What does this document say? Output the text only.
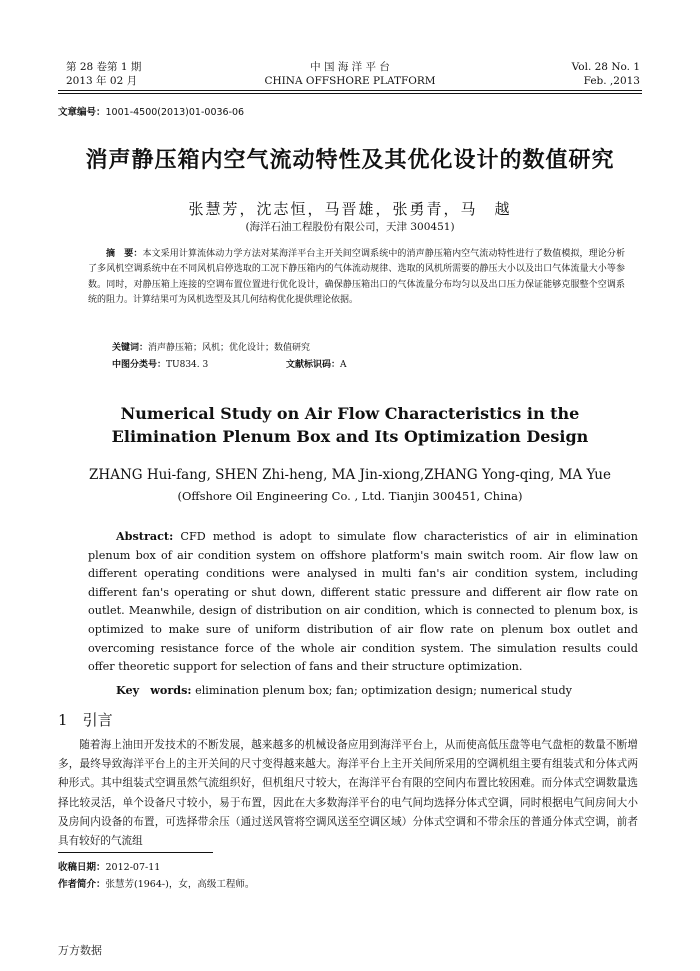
第 28 卷第 1 期
2013 年 02 月
中 国 海 洋 平 台
CHINA OFFSHORE PLATFORM
Vol. 28 No. 1
Feb. ,2013
文章编号：1001-4500(2013)01-0036-06
消声静压箱内空气流动特性及其优化设计的数值研究
张慧芳，沈志恒，马晋雄，张勇青，马　越
(海洋石油工程股份有限公司，天津 300451)
摘　要：本文采用计算流体动力学方法对某海洋平台主开关间空调系统中的消声静压箱内空气流动特性进行了数值模拟，理论分析了多风机空调系统中在不同风机启停选取的工况下静压箱内的气体流动规律、选取的风机所需要的静压大小以及出口气体流量大小等参数。同时，对静压箱上连接的空调布置位置进行优化设计，确保静压箱出口的气体流量分布均匀以及出口压力保证能够克服整个空调系统的阻力。计算结果可为风机选型及其几何结构优化提供理论依据。
关键词：消声静压箱；风机；优化设计；数值研究
中图分类号：TU834. 3	文献标识码：A
Numerical Study on Air Flow Characteristics in the
Elimination Plenum Box and Its Optimization Design
ZHANG Hui-fang, SHEN Zhi-heng, MA Jin-xiong,ZHANG Yong-qing, MA Yue
(Offshore Oil Engineering Co. , Ltd. Tianjin 300451, China)
Abstract: CFD method is adopt to simulate flow characteristics of air in elimination plenum box of air condition system on offshore platform's main switch room. Air flow law on different operating conditions were analysed in multi fan's air condition system, including different fan's operating or shut down, different static pressure and different air flow rate on outlet. Meanwhile, design of distribution on air condition, which is connected to plenum box, is optimized to make sure of uniform distribution of air flow rate on plenum box outlet and overcoming resistance force of the whole air condition system. The simulation results could offer theoretic support for selection of fans and their structure optimization.
Key　words: elimination plenum box; fan; optimization design; numerical study
1　 引言
随着海上油田开发技术的不断发展，越来越多的机械设备应用到海洋平台上，从而使高低压盘等电气盘柜的数量不断增多，最终导致海洋平台上的主开关间的尺寸变得越来越大。海洋平台上主开关间所采用的空调机组主要有组装式和分体式两种形式。其中组装式空调虽然气流组织好，但机组尺寸较大，在海洋平台有限的空间内布置比较困难。而分体式空调数量选择比较灵活，单个设备尺寸较小，易于布置，因此在大多数海洋平台的电气间均选择分体式空调，同时根据电气间房间大小及房间内设备的布置，可选择带余压（通过送风管将空调风送至空调区域）分体式空调和不带余压的普通分体式空调，前者具有较好的气流组
收稿日期：2012-07-11
作者简介：张慧芳(1964-)，女，高级工程师。
万方数据
